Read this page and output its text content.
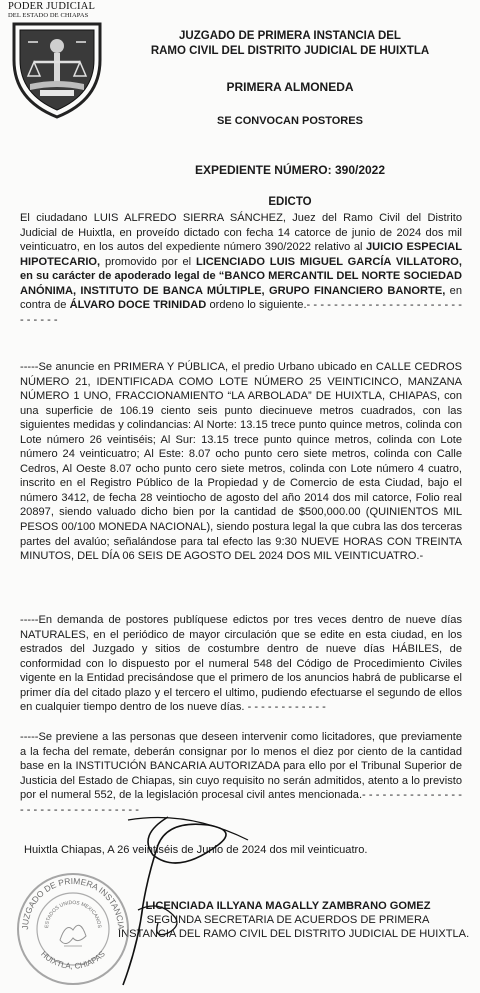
PODER JUDICIAL
DEL ESTADO DE CHIAPAS
JUZGADO DE PRIMERA INSTANCIA DEL
RAMO CIVIL DEL DISTRITO JUDICIAL DE HUIXTLA
PRIMERA ALMONEDA
SE CONVOCAN POSTORES
EXPEDIENTE NÚMERO: 390/2022
EDICTO
El ciudadano LUIS ALFREDO SIERRA SÁNCHEZ, Juez del Ramo Civil del Distrito Judicial de Huixtla, en proveído dictado con fecha 14 catorce de junio de 2024 dos mil veinticuatro, en los autos del expediente número 390/2022 relativo al JUICIO ESPECIAL HIPOTECARIO, promovido por el LICENCIADO LUIS MIGUEL GARCÍA VILLATORO, en su carácter de apoderado legal de “BANCO MERCANTIL DEL NORTE SOCIEDAD ANÓNIMA, INSTITUTO DE BANCA MÚLTIPLE, GRUPO FINANCIERO BANORTE, en contra de ÁLVARO DOCE TRINIDAD ordeno lo siguiente.- - - - - - - - - - - - - - - - - - - - - - - - - - - - -
-----Se anuncie en PRIMERA Y PÚBLICA, el predio Urbano ubicado en CALLE CEDROS NÚMERO 21, IDENTIFICADA COMO LOTE NÚMERO 25 VEINTICINCO, MANZANA NÚMERO 1 UNO, FRACCIONAMIENTO “LA ARBOLADA” DE HUIXTLA, CHIAPAS, con una superficie de 106.19 ciento seis punto diecinueve metros cuadrados, con las siguientes medidas y colindancias: Al Norte: 13.15 trece punto quince metros, colinda con Lote número 26 veintiséis; Al Sur: 13.15 trece punto quince metros, colinda con Lote número 24 veinticuatro; Al Este: 8.07 ocho punto cero siete metros, colinda con Calle Cedros, Al Oeste 8.07 ocho punto cero siete metros, colinda con Lote número 4 cuatro, inscrito en el Registro Público de la Propiedad y de Comercio de esta Ciudad, bajo el número 3412, de fecha 28 veintiocho de agosto del año 2014 dos mil catorce, Folio real 20897, siendo valuado dicho bien por la cantidad de $500,000.00 (QUINIENTOS MIL PESOS 00/100 MONEDA NACIONAL), siendo postura legal la que cubra las dos terceras partes del avalúo; señalándose para tal efecto las 9:30 NUEVE HORAS CON TREINTA MINUTOS, DEL DÍA 06 SEIS DE AGOSTO DEL 2024 DOS MIL VEINTICUATRO.-
-----En demanda de postores publíquese edictos por tres veces dentro de nueve días NATURALES, en el periódico de mayor circulación que se edite en esta ciudad, en los estrados del Juzgado y sitios de costumbre dentro de nueve días HÁBILES, de conformidad con lo dispuesto por el numeral 548 del Código de Procedimiento Civiles vigente en la Entidad precisándose que el primero de los anuncios habrá de publicarse el primer día del citado plazo y el tercero el ultimo, pudiendo efectuarse el segundo de ellos en cualquier tiempo dentro de los nueve días. - - - - - - - - - - - -
-----Se previene a las personas que deseen intervenir como licitadores, que previamente a la fecha del remate, deberán consignar por lo menos el diez por ciento de la cantidad base en la INSTITUCIÓN BANCARIA AUTORIZADA para ello por el Tribunal Superior de Justicia del Estado de Chiapas, sin cuyo requisito no serán admitidos, atento a lo previsto por el numeral 552, de la legislación procesal civil antes mencionada.- - - - - - - - - - - - - - - - - - - - - - - - - - - - - - - - -
Huixtla Chiapas, A 26 veintiséis de Junio de 2024 dos mil veinticuatro.
LICENCIADA ILLYANA MAGALLY ZAMBRANO GOMEZ
SEGUNDA SECRETARIA DE ACUERDOS DE PRIMERA
INSTANCIA DEL RAMO CIVIL DEL DISTRITO JUDICIAL DE HUIXTLA.
JUZGADO DE PRIMERA INSTANCIA
ESTADOS UNIDOS MEXICANOS
HUIXTLA, CHIAPAS
